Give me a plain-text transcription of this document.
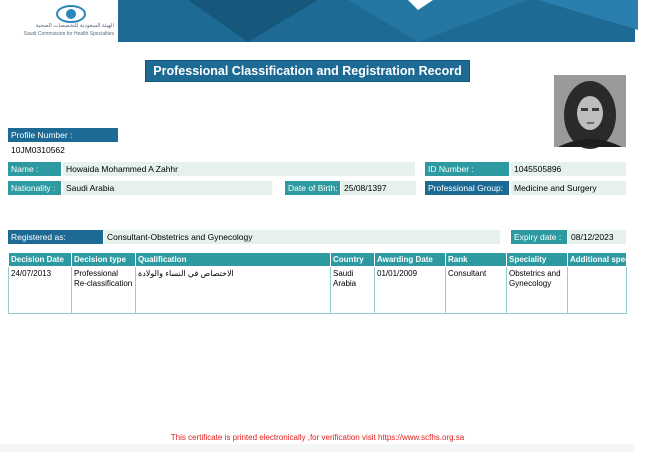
الهيئة السعودية للتخصصات الصحية
Saudi Commission for Health Specialties
Professional Classification and Registration Record
Profile Number :
10JM0310562
Name :	Howaida Mohammed A Zahhr	ID Number :	1045505896
Nationality :	Saudi Arabia	Date of Birth: 25/08/1397	Professional Group:	Medicine and Surgery
Registered as:	Consultant-Obstetrics and Gynecology	Expiry date :	08/12/2023
Decision Date	Decision type	Qualification	Country	Awarding Date	Rank	Speciality	Additional speciality
24/07/2013	Professional Re-classification	الاختصاص في النساء والولادة	Saudi Arabia	01/01/2009	Consultant	Obstetrics and Gynecology	
This certificate is printed electronically ,for verification visit https://www.scfhs.org.sa
